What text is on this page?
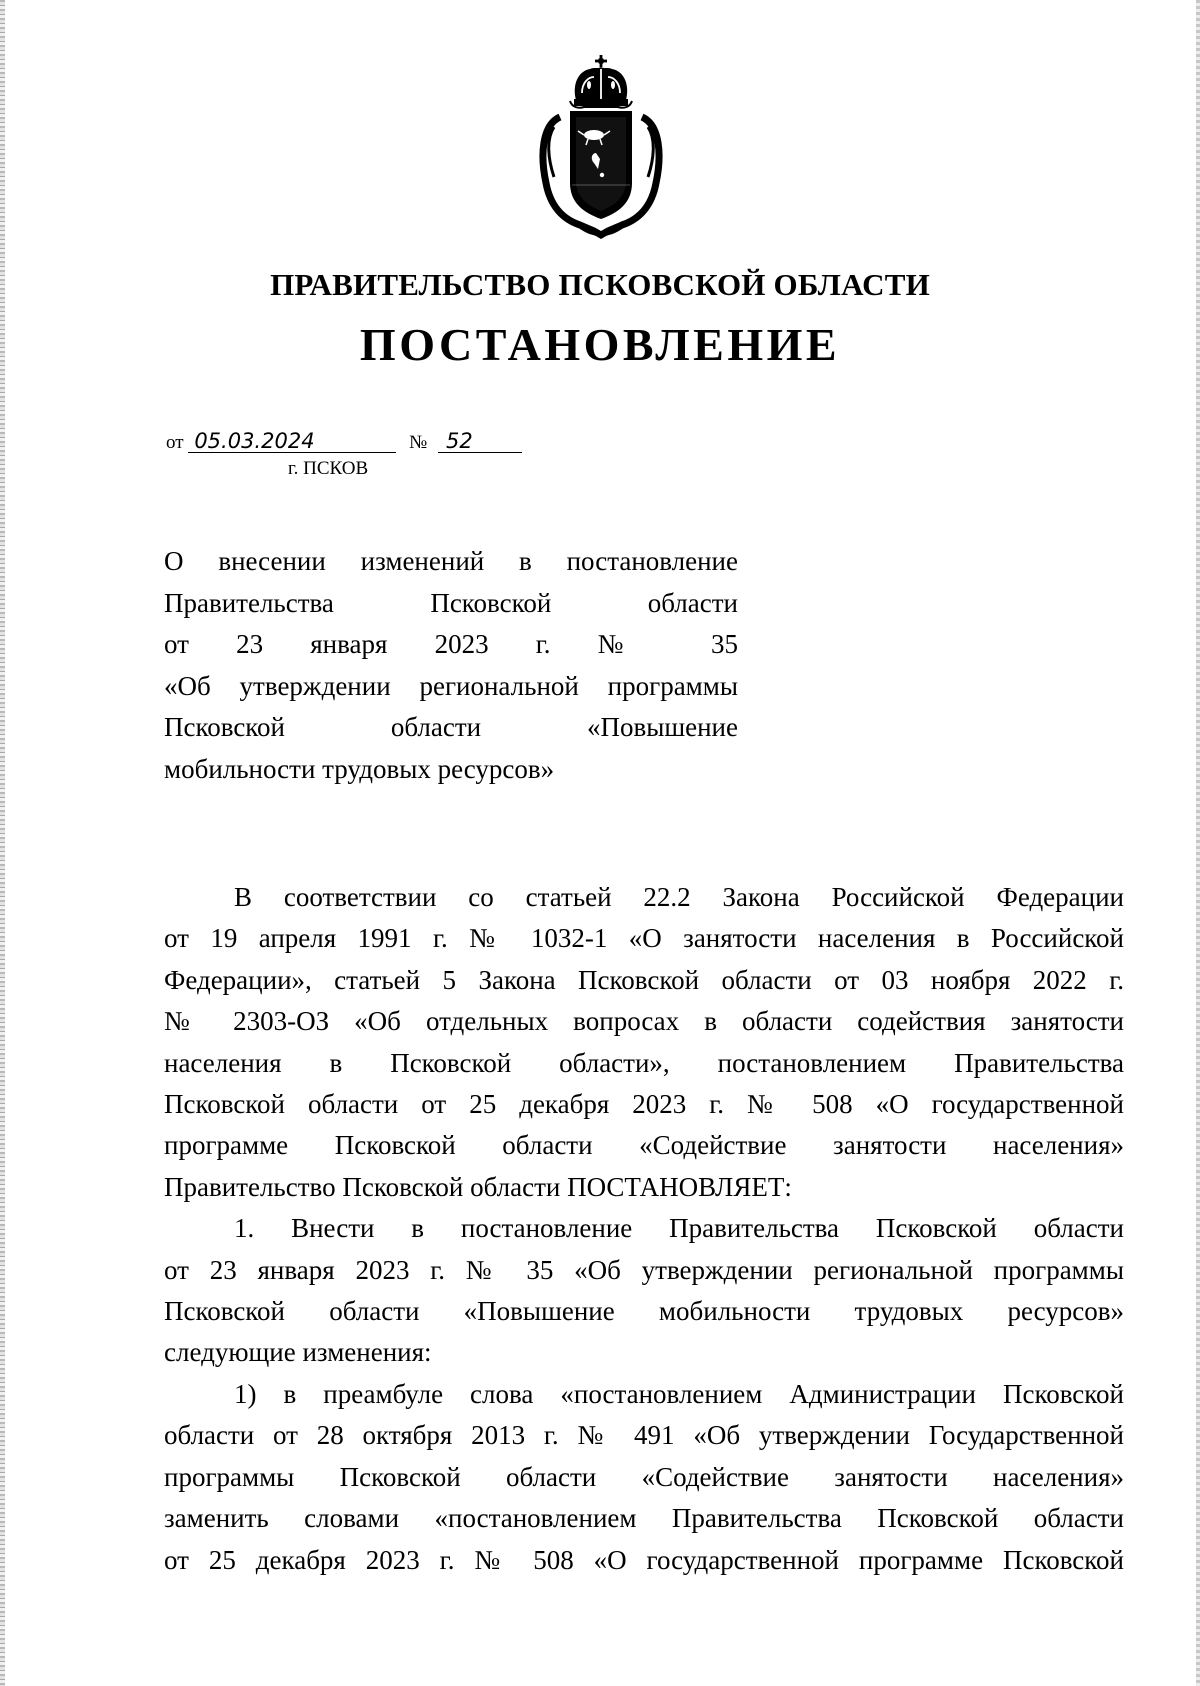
ПРАВИТЕЛЬСТВО ПСКОВСКОЙ ОБЛАСТИ
ПОСТАНОВЛЕНИЕ
от 05.03.2024	№ 52
г. ПСКОВ
О внесении изменений в постановление
Правительства Псковской области
от 23 января 2023 г. № 35
«Об утверждении региональной программы
Псковской области «Повышение
мобильности трудовых ресурсов»
В соответствии со статьей 22.2 Закона Российской Федерации
от 19 апреля 1991 г. № 1032-1 «О занятости населения в Российской
Федерации», статьей 5 Закона Псковской области от 03 ноября 2022 г.
№ 2303-ОЗ «Об отдельных вопросах в области содействия занятости
населения в Псковской области», постановлением Правительства
Псковской области от 25 декабря 2023 г. № 508 «О государственной
программе Псковской области «Содействие занятости населения»
Правительство Псковской области ПОСТАНОВЛЯЕТ:
1. Внести в постановление Правительства Псковской области
от 23 января 2023 г. № 35 «Об утверждении региональной программы
Псковской области «Повышение мобильности трудовых ресурсов»
следующие изменения:
1) в преамбуле слова «постановлением Администрации Псковской
области от 28 октября 2013 г. № 491 «Об утверждении Государственной
программы Псковской области «Содействие занятости населения»
заменить словами «постановлением Правительства Псковской области
от 25 декабря 2023 г. № 508 «О государственной программе Псковской
